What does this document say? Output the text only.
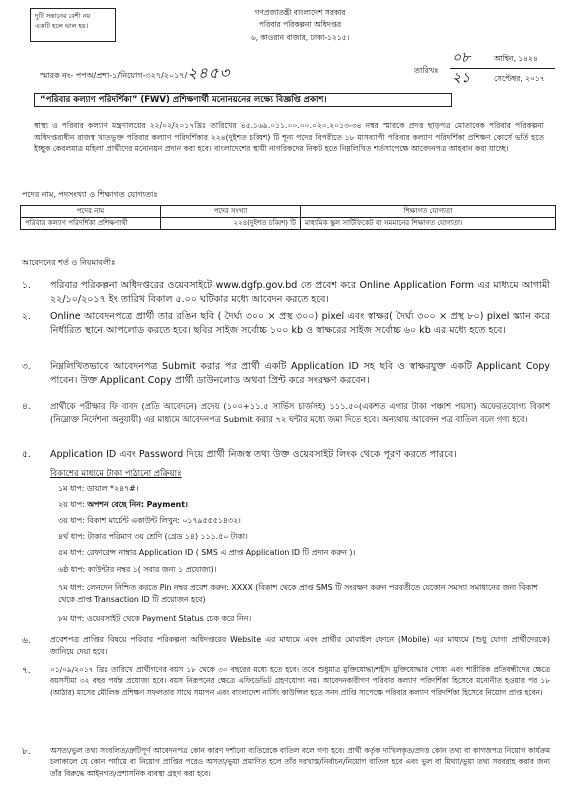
দুটি সন্তানের বেশী নয়
একটি হলে ভাল হয়।
গণপ্রজাতন্ত্রী বাংলাদেশ সরকার
পরিবার পরিকল্পনা অধিদপ্তর
৬, কাওরান বাজার, ঢাকা-১২১৫।
স্মারক নং- পপঅ/প্রশা-১/নিয়োগ-৩২৭/২০১৭/২৪৫৩	তারিখঃ
০৮	আশ্বিন, ১৪২৪
২১	সেপ্টেম্বর, ২০১৭
“পরিবার কল্যাণ পরিদর্শিকা” (FWV) প্রশিক্ষণার্থী মনোনয়নের লক্ষ্যে বিজ্ঞপ্তি প্রকাশ।
স্বাস্থ্য ও পরিবার কল্যাণ মন্ত্রণালয়ের ২২/০২/২০১৭খ্রিঃ তারিখের ৪৫.১৬৯.০১১.০০.০০.০২০.২০১৩-৩৪ নম্বর স্মারকে প্রদত্ত ছাড়পত্র মোতাবেক পরিবার পরিকল্পনা অধিদপ্তরাধীন রাজস্ব খাতভুক্ত পরিবার কল্যাণ পরিদর্শিকার ২২৪(দুইশত চব্বিশ) টি শূন্য পদের বিপরীতে ১৮ মাসব্যাপী পরিবার কল্যাণ পরিদর্শিকা প্রশিক্ষণ কোর্সে ভর্তি হতে ইচ্ছুক কেবলমাত্র মহিলা প্রার্থীদের মনোনয়ন প্রদান করা হবে। বাংলাদেশের স্থায়ী নাগরিকদের নিকট হতে নিম্নলিখিত শর্তসাপেক্ষে আবেদনপত্র আহবান করা যাচ্ছে।
পদের নাম, পদসংখ্যা ও শিক্ষাগত যোগ্যতাঃ
পদের নাম	পদের সংখ্যা	শিক্ষাগত যোগ্যতা
পরিবার কল্যাণ পরিদর্শিকা প্রশিক্ষণার্থী	২২৪(দুইশত চব্বিশ) টি	মাধ্যমিক স্কুল সার্টিফিকেট বা সমমানের শিক্ষাগত যোগ্যতা।
আবেদনের শর্ত ও নিয়মাবলীঃ
১.	পরিবার পরিকল্পনা অধিদপ্তরের ওয়েবসাইটে www.dgfp.gov.bd তে প্রবেশ করে Online Application Form এর মাধ্যমে আগামী ২২/১০/২০১৭ ইং তারিখ বিকাল ৫.০০ ঘটিকার মধ্যে আবেদন করতে হবে।
২.	Online আবেদনপত্রে প্রার্থী তার রঙিন ছবি ( দৈর্ঘ্য ৩০০ × প্রস্থ ৩০০) pixel এবং স্বাক্ষর( দৈর্ঘ্য ৩০০ × প্রস্থ ৮০) pixel স্ক্যান করে নির্ধারিত স্থানে আপলোড করতে হবে। ছবির সাইজ সর্বোচ্চ ১০০ kb ও স্বাক্ষরের সাইজ সর্বোচ্চ ৬০ kb এর মধ্যে হতে হবে।
৩.	নিম্নলিখিতভাবে আবেদনপত্র Submit করার পর প্রার্থী একটি Application ID সহ ছবি ও স্বাক্ষরযুক্ত একটি Applicant Copy পাবেন। উক্ত Applicant Copy প্রার্থী ডাউনলোড অথবা প্রিন্ট করে সংরক্ষণ করবেন।
৪.	প্রার্থীকে পরীক্ষার ফি বাবদ (প্রতি আবেদনে) প্রদেয় (১০০+১১.৫ সার্ভিস চার্জসহ) ১১১.৫০(একশত এগার টাকা পঞ্চাশ পয়সা) অফেরতযোগ্য বিকাশ (নিম্নোক্ত নির্দেশনা অনুযায়ী) এর মাধ্যমে আবেদনপত্র Submit করার ৭২ ঘন্টার মধ্যে জমা দিতে হবে। অন্যথায় আবেদন পত্র বাতিল বলে গণ্য হবে।
৫.	Application ID এবং Password দিয়ে প্রার্থী নিজস্ব তথ্য উক্ত ওয়েবসাইট লিংক থেকে পূরণ করতে পারবে।
বিকাশের মাধ্যমে টাকা পাঠানো প্রক্রিয়াঃ
১ম ধাপ: ডায়াল *২৪৭#।
২য় ধাপ: অপশন বেছে নিন: Payment।
৩য় ধাপ: বিকাশ মার্চেন্ট একাউন্ট লিখুন: ০১৭৯৫৫৫১৪৩২।
৪র্থ ধাপ: টাকার পরিমাণ ৩য় শ্রেণি (গ্রেড ১৪) ১১১.৫০ টাকা।
৫ম ধাপ: রেফারেন্স নাম্বার Application ID ( SMS এ প্রাপ্ত Application ID টি প্রদান করুন )।
৬ষ্ঠ ধাপ: কাউন্টার নম্বর ১( সবার জন্য ১ প্রযোজ্য)।
৭ম ধাপ: লেনদেন নিশ্চিত করতে Pin নম্বর প্রবেশ করুন: XXXX (বিকাশ থেকে প্রাপ্ত SMS টি সংরক্ষণ করুন পরবর্তীতে যেকোন সমস্যা সমাধানের জন্য বিকাশ থেকে প্রাপ্ত Transaction ID টি প্রয়োজন হবে)
৮ম ধাপ: ওয়েবসাইট থেকে Payment Status চেক করে নিন।
৬.	প্রবেশপত্র প্রাপ্তির বিষয়ে পরিবার পরিকল্পনা অধিদপ্তরের Website এর মাধ্যমে এবং প্রার্থীর মোবাইল ফোনে (Mobile) এর মাধ্যমে (শুধু যোগ্য প্রার্থীদেরকে) জানিয়ে দেয়া হবে।
৭.	০১/০৯/২০১৭ খ্রিঃ তারিখে প্রার্থীগণের বয়স ১৮ থেকে ৩০ বছরের মধ্যে হতে হবে। তবে শুধুমাত্র মুক্তিযোদ্ধা/শহীদ মুক্তিযোদ্ধার পোষ্য এবং শারীরিক প্রতিবন্ধীদের ক্ষেত্রে বয়সসীমা ৩২ বছর পর্যন্ত প্রযোজ্য হবে। বয়স নিরূপনের ক্ষেত্রে এফিডেভিট গ্রহণযোগ্য নয়। আবেদনকারীগণ পরিবার কল্যাণ পরিদর্শিকা হিসেবে মনোনীত হওয়ার পর ১৮ (আঠার) মাসের মৌলিক প্রশিক্ষণ সফলতার সাথে সমাপন এবং বাংলাদেশ নার্সিং কাউন্সিল হতে সনদ প্রাপ্তি সাপেক্ষে পরিবার কল্যাণ পরিদর্শিকা হিসেবে নিয়োগ প্রাপ্ত হবেন।
৮.	অসত্য/ভুল তথ্য সংবলিত/ত্রুটিপূর্ণ আবেদনপত্র কোন কারণ দর্শানো ব্যতিরেকে বাতিল বলে গণ্য হবে। প্রার্থী কর্তৃক দাখিলকৃত/প্রদত্ত কোন তথ্য বা কাগজপত্র নিয়োগ কার্যক্রম চলাকালে যে কোন পর্যায়ে বা নিয়োগ প্রাপ্তির পরেও অসত্য/ভুয়া প্রমাণিত হলে তাঁর দরখাস্ত/নির্বাচন/নিয়োগ বাতিল হবে এবং ভুল বা মিথ্যা/ভুয়া তথ্য সরবরাহ করার জন্য তাঁর বিরুদ্ধে আইনগত/প্রশাসনিক ব্যবস্থা গ্রহণ করা হবে।
